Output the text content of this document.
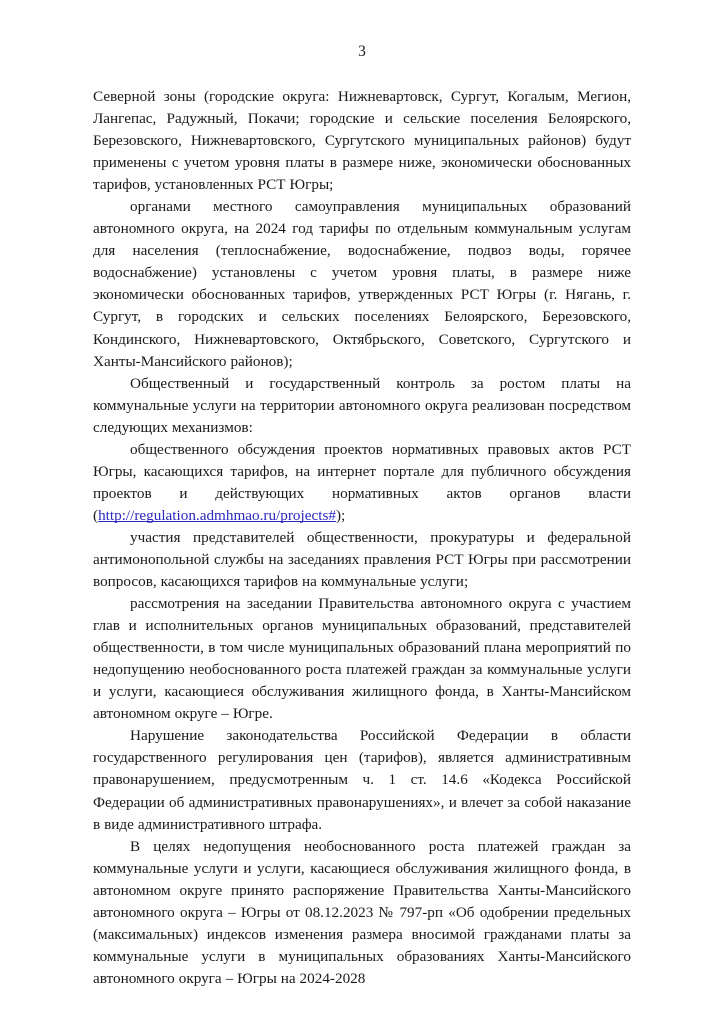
3

Северной зоны (городские округа: Нижневартовск, Сургут, Когалым, Мегион, Лангепас, Радужный, Покачи; городские и сельские поселения Белоярского, Березовского, Нижневартовского, Сургутского муниципальных районов) будут применены с учетом уровня платы в размере ниже, экономически обоснованных тарифов, установленных РСТ Югры;

органами местного самоуправления муниципальных образований автономного округа, на 2024 год тарифы по отдельным коммунальным услугам для населения (теплоснабжение, водоснабжение, подвоз воды, горячее водоснабжение) установлены с учетом уровня платы, в размере ниже экономически обоснованных тарифов, утвержденных РСТ Югры (г. Нягань, г. Сургут, в городских и сельских поселениях Белоярского, Березовского, Кондинского, Нижневартовского, Октябрьского, Советского, Сургутского и Ханты-Мансийского районов);

Общественный и государственный контроль за ростом платы на коммунальные услуги на территории автономного округа реализован посредством следующих механизмов:

общественного обсуждения проектов нормативных правовых актов РСТ Югры, касающихся тарифов, на интернет портале для публичного обсуждения проектов и действующих нормативных актов органов власти (http://regulation.admhmao.ru/projects#);

участия представителей общественности, прокуратуры и федеральной антимонопольной службы на заседаниях правления РСТ Югры при рассмотрении вопросов, касающихся тарифов на коммунальные услуги;

рассмотрения на заседании Правительства автономного округа с участием глав и исполнительных органов муниципальных образований, представителей общественности, в том числе муниципальных образований плана мероприятий по недопущению необоснованного роста платежей граждан за коммунальные услуги и услуги, касающиеся обслуживания жилищного фонда, в Ханты-Мансийском автономном округе – Югре.

Нарушение законодательства Российской Федерации в области государственного регулирования цен (тарифов), является административным правонарушением, предусмотренным ч. 1 ст. 14.6 «Кодекса Российской Федерации об административных правонарушениях», и влечет за собой наказание в виде административного штрафа.

В целях недопущения необоснованного роста платежей граждан за коммунальные услуги и услуги, касающиеся обслуживания жилищного фонда, в автономном округе принято распоряжение Правительства Ханты-Мансийского автономного округа – Югры от 08.12.2023 № 797-рп «Об одобрении предельных (максимальных) индексов изменения размера вносимой гражданами платы за коммунальные услуги в муниципальных образованиях Ханты-Мансийского автономного округа – Югры на 2024-2028
